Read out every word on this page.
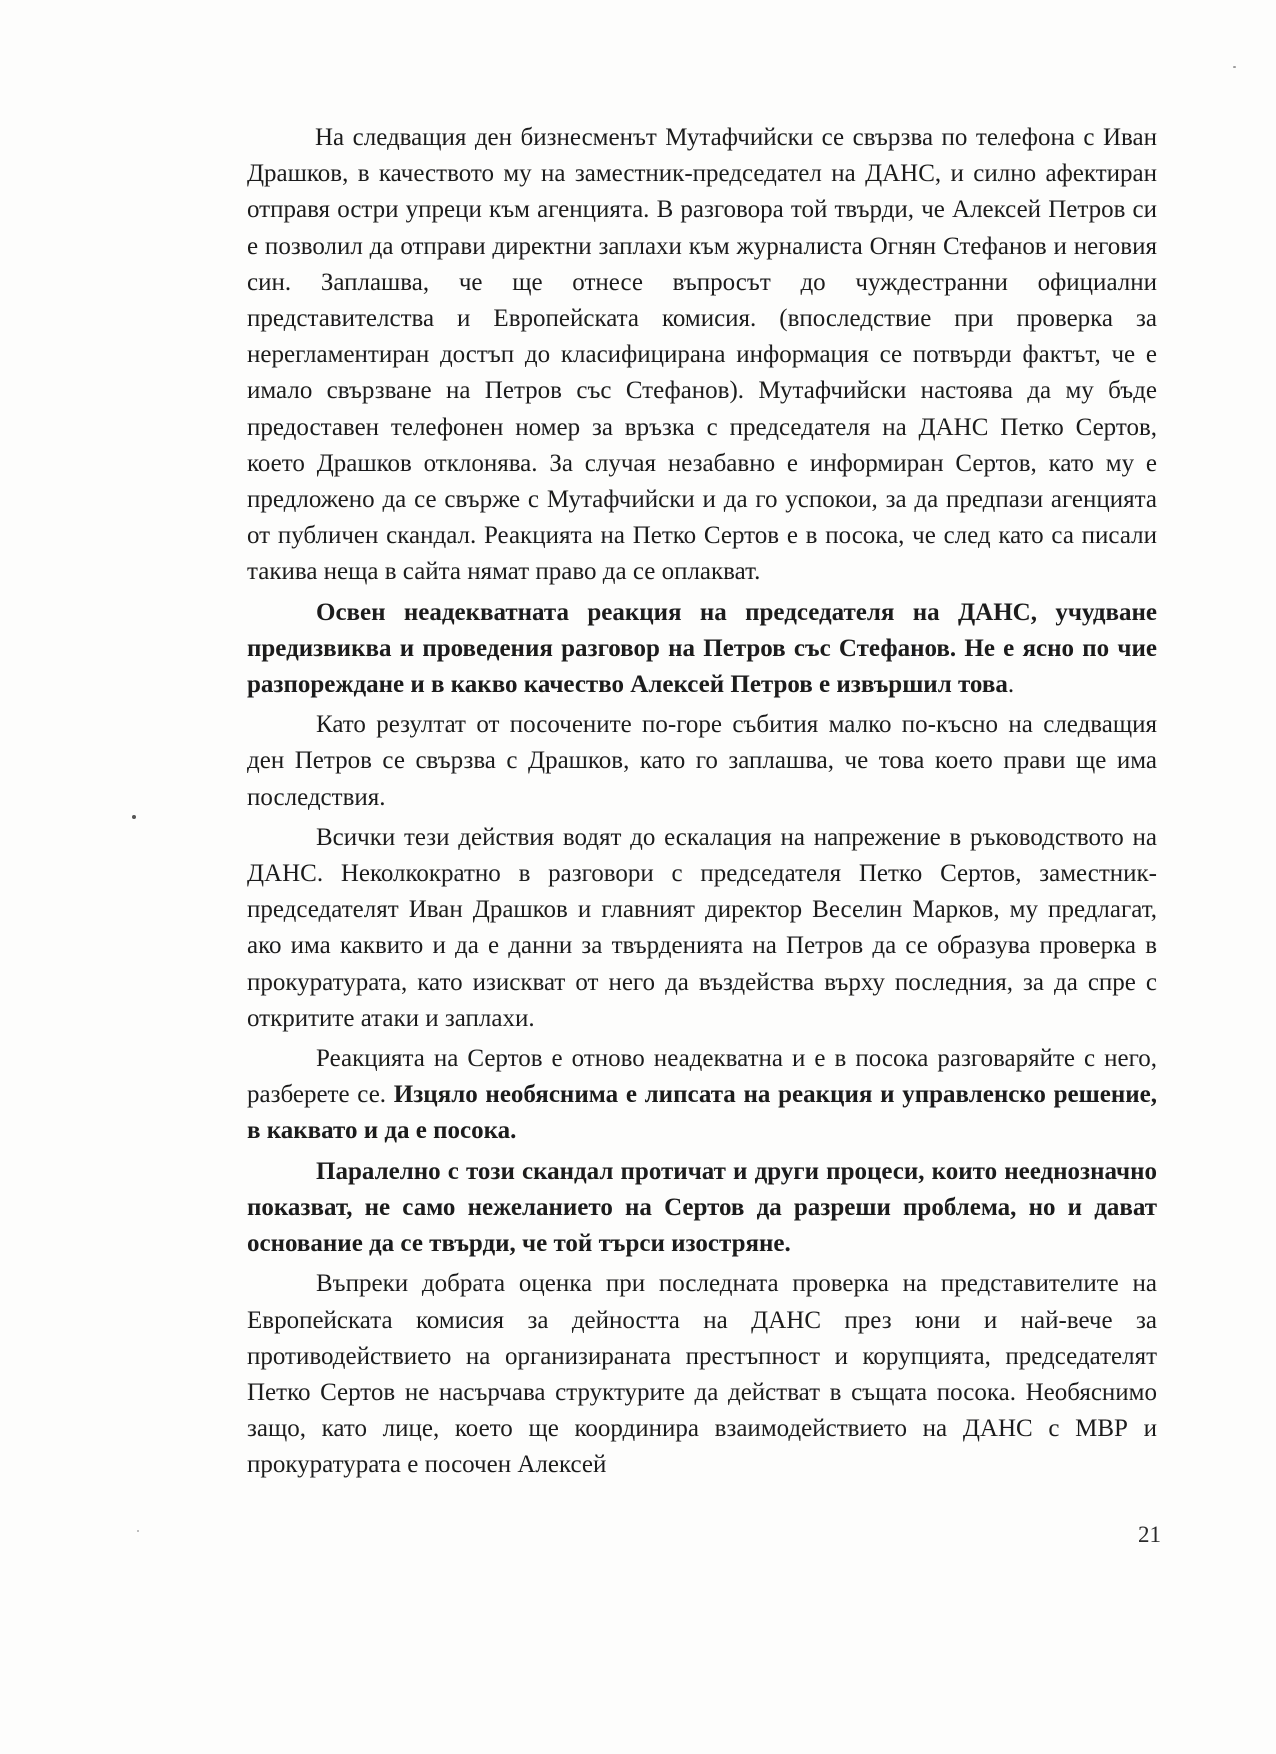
На следващия ден бизнесменът Мутафчийски се свързва по телефона с Иван Драшков, в качеството му на заместник-председател на ДАНС, и силно афектиран отправя остри упреци към агенцията. В разговора той твърди, че Алексей Петров си е позволил да отправи директни заплахи към журналиста Огнян Стефанов и неговия син. Заплашва, че ще отнесе въпросът до чуждестранни официални представителства и Европейската комисия. (впоследствие при проверка за нерегламентиран достъп до класифицирана информация се потвърди фактът, че е имало свързване на Петров със Стефанов). Мутафчийски настоява да му бъде предоставен телефонен номер за връзка с председателя на ДАНС Петко Сертов, което Драшков отклонява. За случая незабавно е информиран Сертов, като му е предложено да се свърже с Мутафчийски и да го успокои, за да предпази агенцията от публичен скандал. Реакцията на Петко Сертов е в посока, че след като са писали такива неща в сайта нямат право да се оплакват.

Освен неадекватната реакция на председателя на ДАНС, учудване предизвиква и проведения разговор на Петров със Стефанов. Не е ясно по чие разпореждане и в какво качество Алексей Петров е извършил това.

Като резултат от посочените по-горе събития малко по-късно на следващия ден Петров се свързва с Драшков, като го заплашва, че това което прави ще има последствия.

Всички тези действия водят до ескалация на напрежение в ръководството на ДАНС. Неколкократно в разговори с председателя Петко Сертов, заместник-председателят Иван Драшков и главният директор Веселин Марков, му предлагат, ако има каквито и да е данни за твърденията на Петров да се образува проверка в прокуратурата, като изискват от него да въздейства върху последния, за да спре с открититe атаки и заплахи.

Реакцията на Сертов е отново неадекватна и е в посока разговаряйте с него, разберете се. Изцяло необяснима е липсата на реакция и управленско решение, в каквато и да е посока.

Паралелно с този скандал протичат и други процеси, които нееднозначно показват, не само нежеланието на Сертов да разреши проблема, но и дават основание да се твърди, че той търси изостряне.

Въпреки добрата оценка при последната проверка на представителите на Европейската комисия за дейността на ДАНС през юни и най-вече за противодействието на организираната престъпност и корупцията, председателят Петко Сертов не насърчава структурите да действат в същата посока. Необяснимо защо, като лице, което ще координира взаимодействието на ДАНС с МВР и прокуратурата е посочен Алексей

21
